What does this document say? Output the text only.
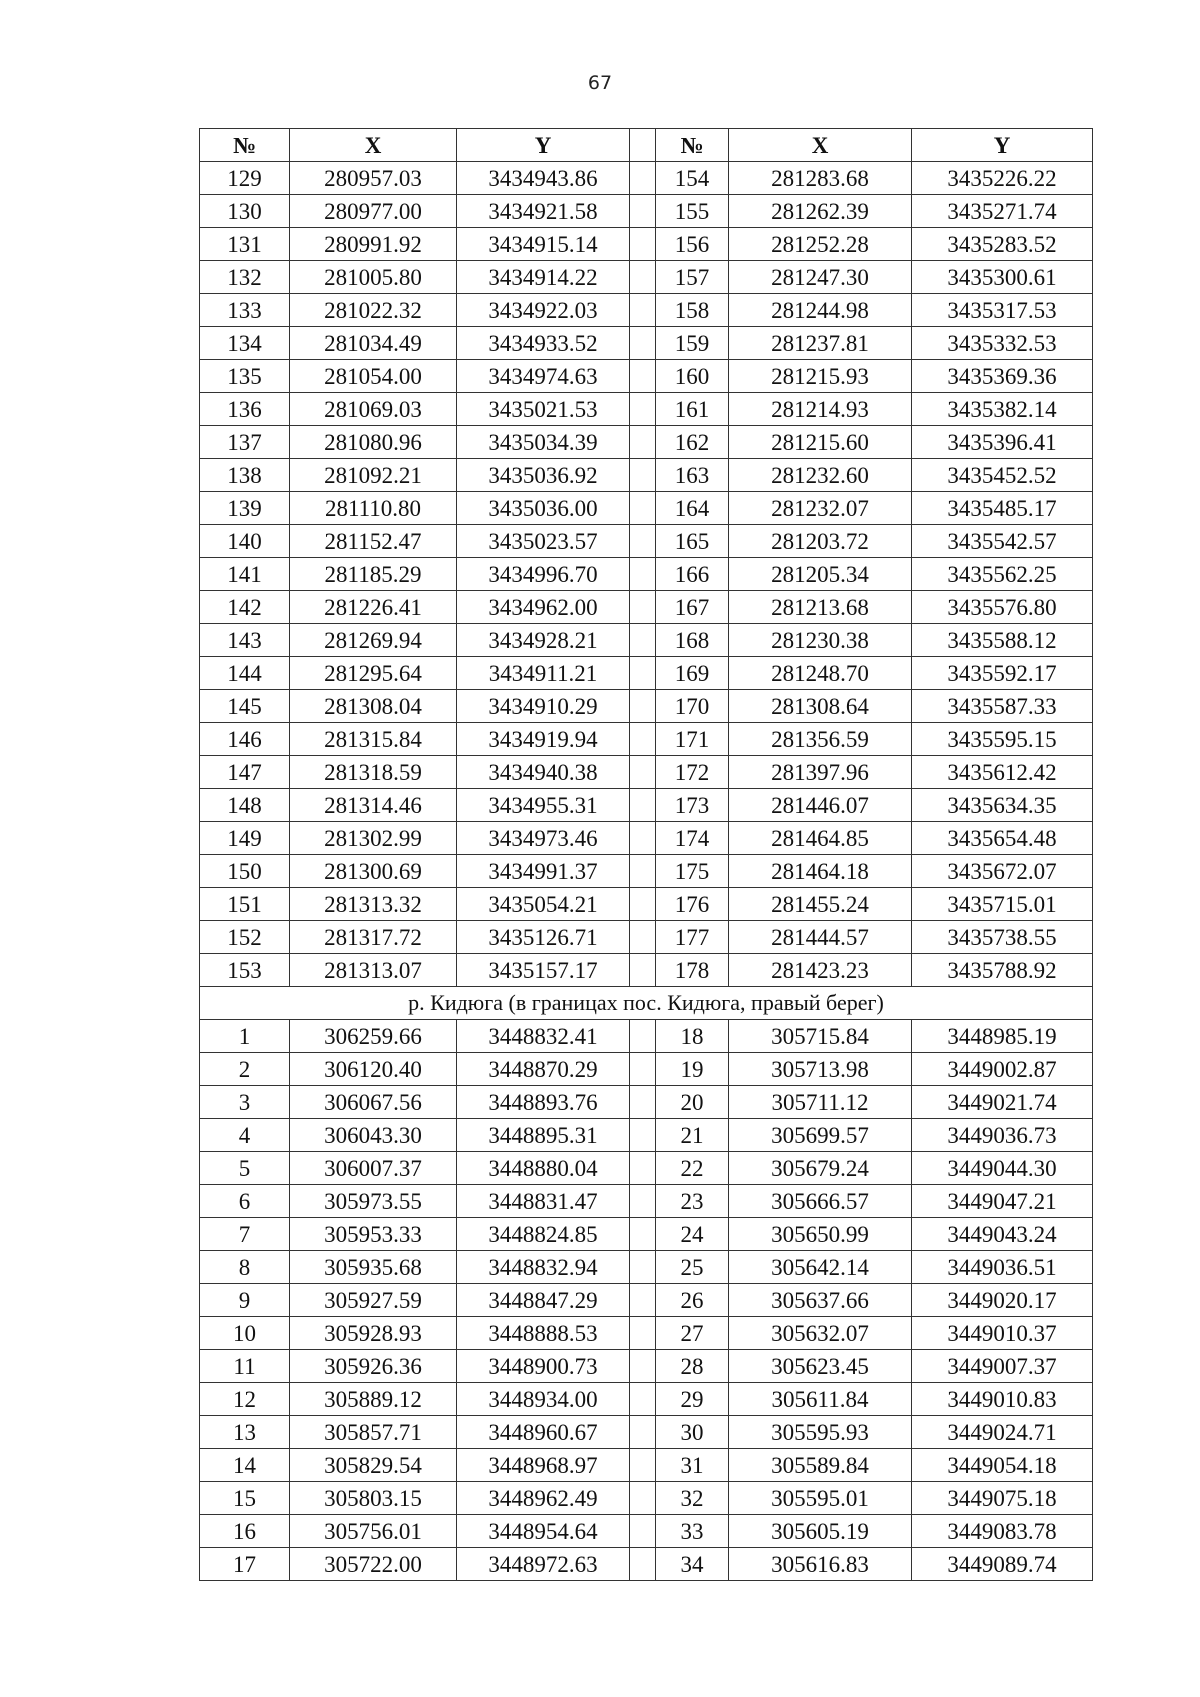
67
№	X	Y		№	X	Y
129	280957.03	3434943.86		154	281283.68	3435226.22
130	280977.00	3434921.58		155	281262.39	3435271.74
131	280991.92	3434915.14		156	281252.28	3435283.52
132	281005.80	3434914.22		157	281247.30	3435300.61
133	281022.32	3434922.03		158	281244.98	3435317.53
134	281034.49	3434933.52		159	281237.81	3435332.53
135	281054.00	3434974.63		160	281215.93	3435369.36
136	281069.03	3435021.53		161	281214.93	3435382.14
137	281080.96	3435034.39		162	281215.60	3435396.41
138	281092.21	3435036.92		163	281232.60	3435452.52
139	281110.80	3435036.00		164	281232.07	3435485.17
140	281152.47	3435023.57		165	281203.72	3435542.57
141	281185.29	3434996.70		166	281205.34	3435562.25
142	281226.41	3434962.00		167	281213.68	3435576.80
143	281269.94	3434928.21		168	281230.38	3435588.12
144	281295.64	3434911.21		169	281248.70	3435592.17
145	281308.04	3434910.29		170	281308.64	3435587.33
146	281315.84	3434919.94		171	281356.59	3435595.15
147	281318.59	3434940.38		172	281397.96	3435612.42
148	281314.46	3434955.31		173	281446.07	3435634.35
149	281302.99	3434973.46		174	281464.85	3435654.48
150	281300.69	3434991.37		175	281464.18	3435672.07
151	281313.32	3435054.21		176	281455.24	3435715.01
152	281317.72	3435126.71		177	281444.57	3435738.55
153	281313.07	3435157.17		178	281423.23	3435788.92
р. Кидюга (в границах пос. Кидюга, правый берег)						
1	306259.66	3448832.41		18	305715.84	3448985.19
2	306120.40	3448870.29		19	305713.98	3449002.87
3	306067.56	3448893.76		20	305711.12	3449021.74
4	306043.30	3448895.31		21	305699.57	3449036.73
5	306007.37	3448880.04		22	305679.24	3449044.30
6	305973.55	3448831.47		23	305666.57	3449047.21
7	305953.33	3448824.85		24	305650.99	3449043.24
8	305935.68	3448832.94		25	305642.14	3449036.51
9	305927.59	3448847.29		26	305637.66	3449020.17
10	305928.93	3448888.53		27	305632.07	3449010.37
11	305926.36	3448900.73		28	305623.45	3449007.37
12	305889.12	3448934.00		29	305611.84	3449010.83
13	305857.71	3448960.67		30	305595.93	3449024.71
14	305829.54	3448968.97		31	305589.84	3449054.18
15	305803.15	3448962.49		32	305595.01	3449075.18
16	305756.01	3448954.64		33	305605.19	3449083.78
17	305722.00	3448972.63		34	305616.83	3449089.74
